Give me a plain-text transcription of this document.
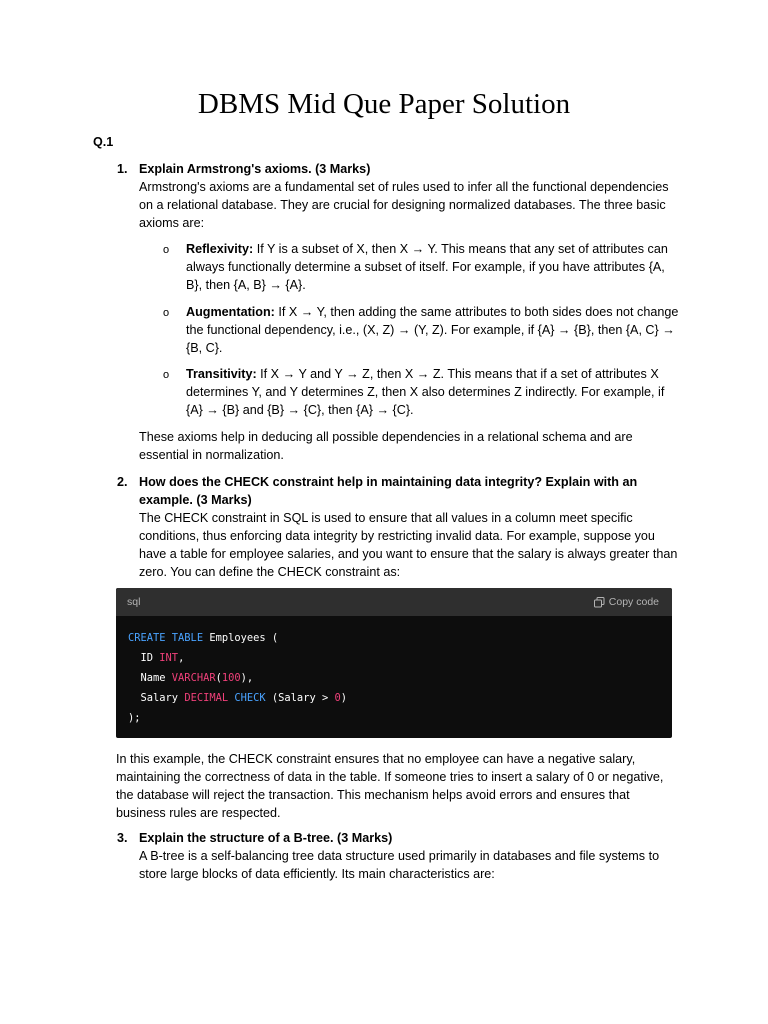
DBMS Mid Que Paper Solution
Q.1
1. Explain Armstrong's axioms. (3 Marks)

Armstrong's axioms are a fundamental set of rules used to infer all the functional dependencies on a relational database. They are crucial for designing normalized databases. The three basic axioms are:

o Reflexivity: If Y is a subset of X, then X → Y. This means that any set of attributes can always functionally determine a subset of itself. For example, if you have attributes {A, B}, then {A, B} → {A}.
o Augmentation: If X → Y, then adding the same attributes to both sides does not change the functional dependency, i.e., (X, Z) → (Y, Z). For example, if {A} → {B}, then {A, C} → {B, C}.
o Transitivity: If X → Y and Y → Z, then X → Z. This means that if a set of attributes X determines Y, and Y determines Z, then X also determines Z indirectly. For example, if {A} → {B} and {B} → {C}, then {A} → {C}.
These axioms help in deducing all possible dependencies in a relational schema and are essential in normalization.
2. How does the CHECK constraint help in maintaining data integrity? Explain with an example. (3 Marks)

The CHECK constraint in SQL is used to ensure that all values in a column meet specific conditions, thus enforcing data integrity by restricting invalid data. For example, suppose you have a table for employee salaries, and you want to ensure that the salary is always greater than zero. You can define the CHECK constraint as:

sql	Copy code
CREATE TABLE Employees (
ID INT,
Name VARCHAR(100),
Salary DECIMAL CHECK (Salary > 0)
);
In this example, the CHECK constraint ensures that no employee can have a negative salary, maintaining the correctness of data in the table. If someone tries to insert a salary of 0 or negative, the database will reject the transaction. This mechanism helps avoid errors and ensures that business rules are respected.
3. Explain the structure of a B-tree. (3 Marks)

A B-tree is a self-balancing tree data structure used primarily in databases and file systems to store large blocks of data efficiently. Its main characteristics are:
